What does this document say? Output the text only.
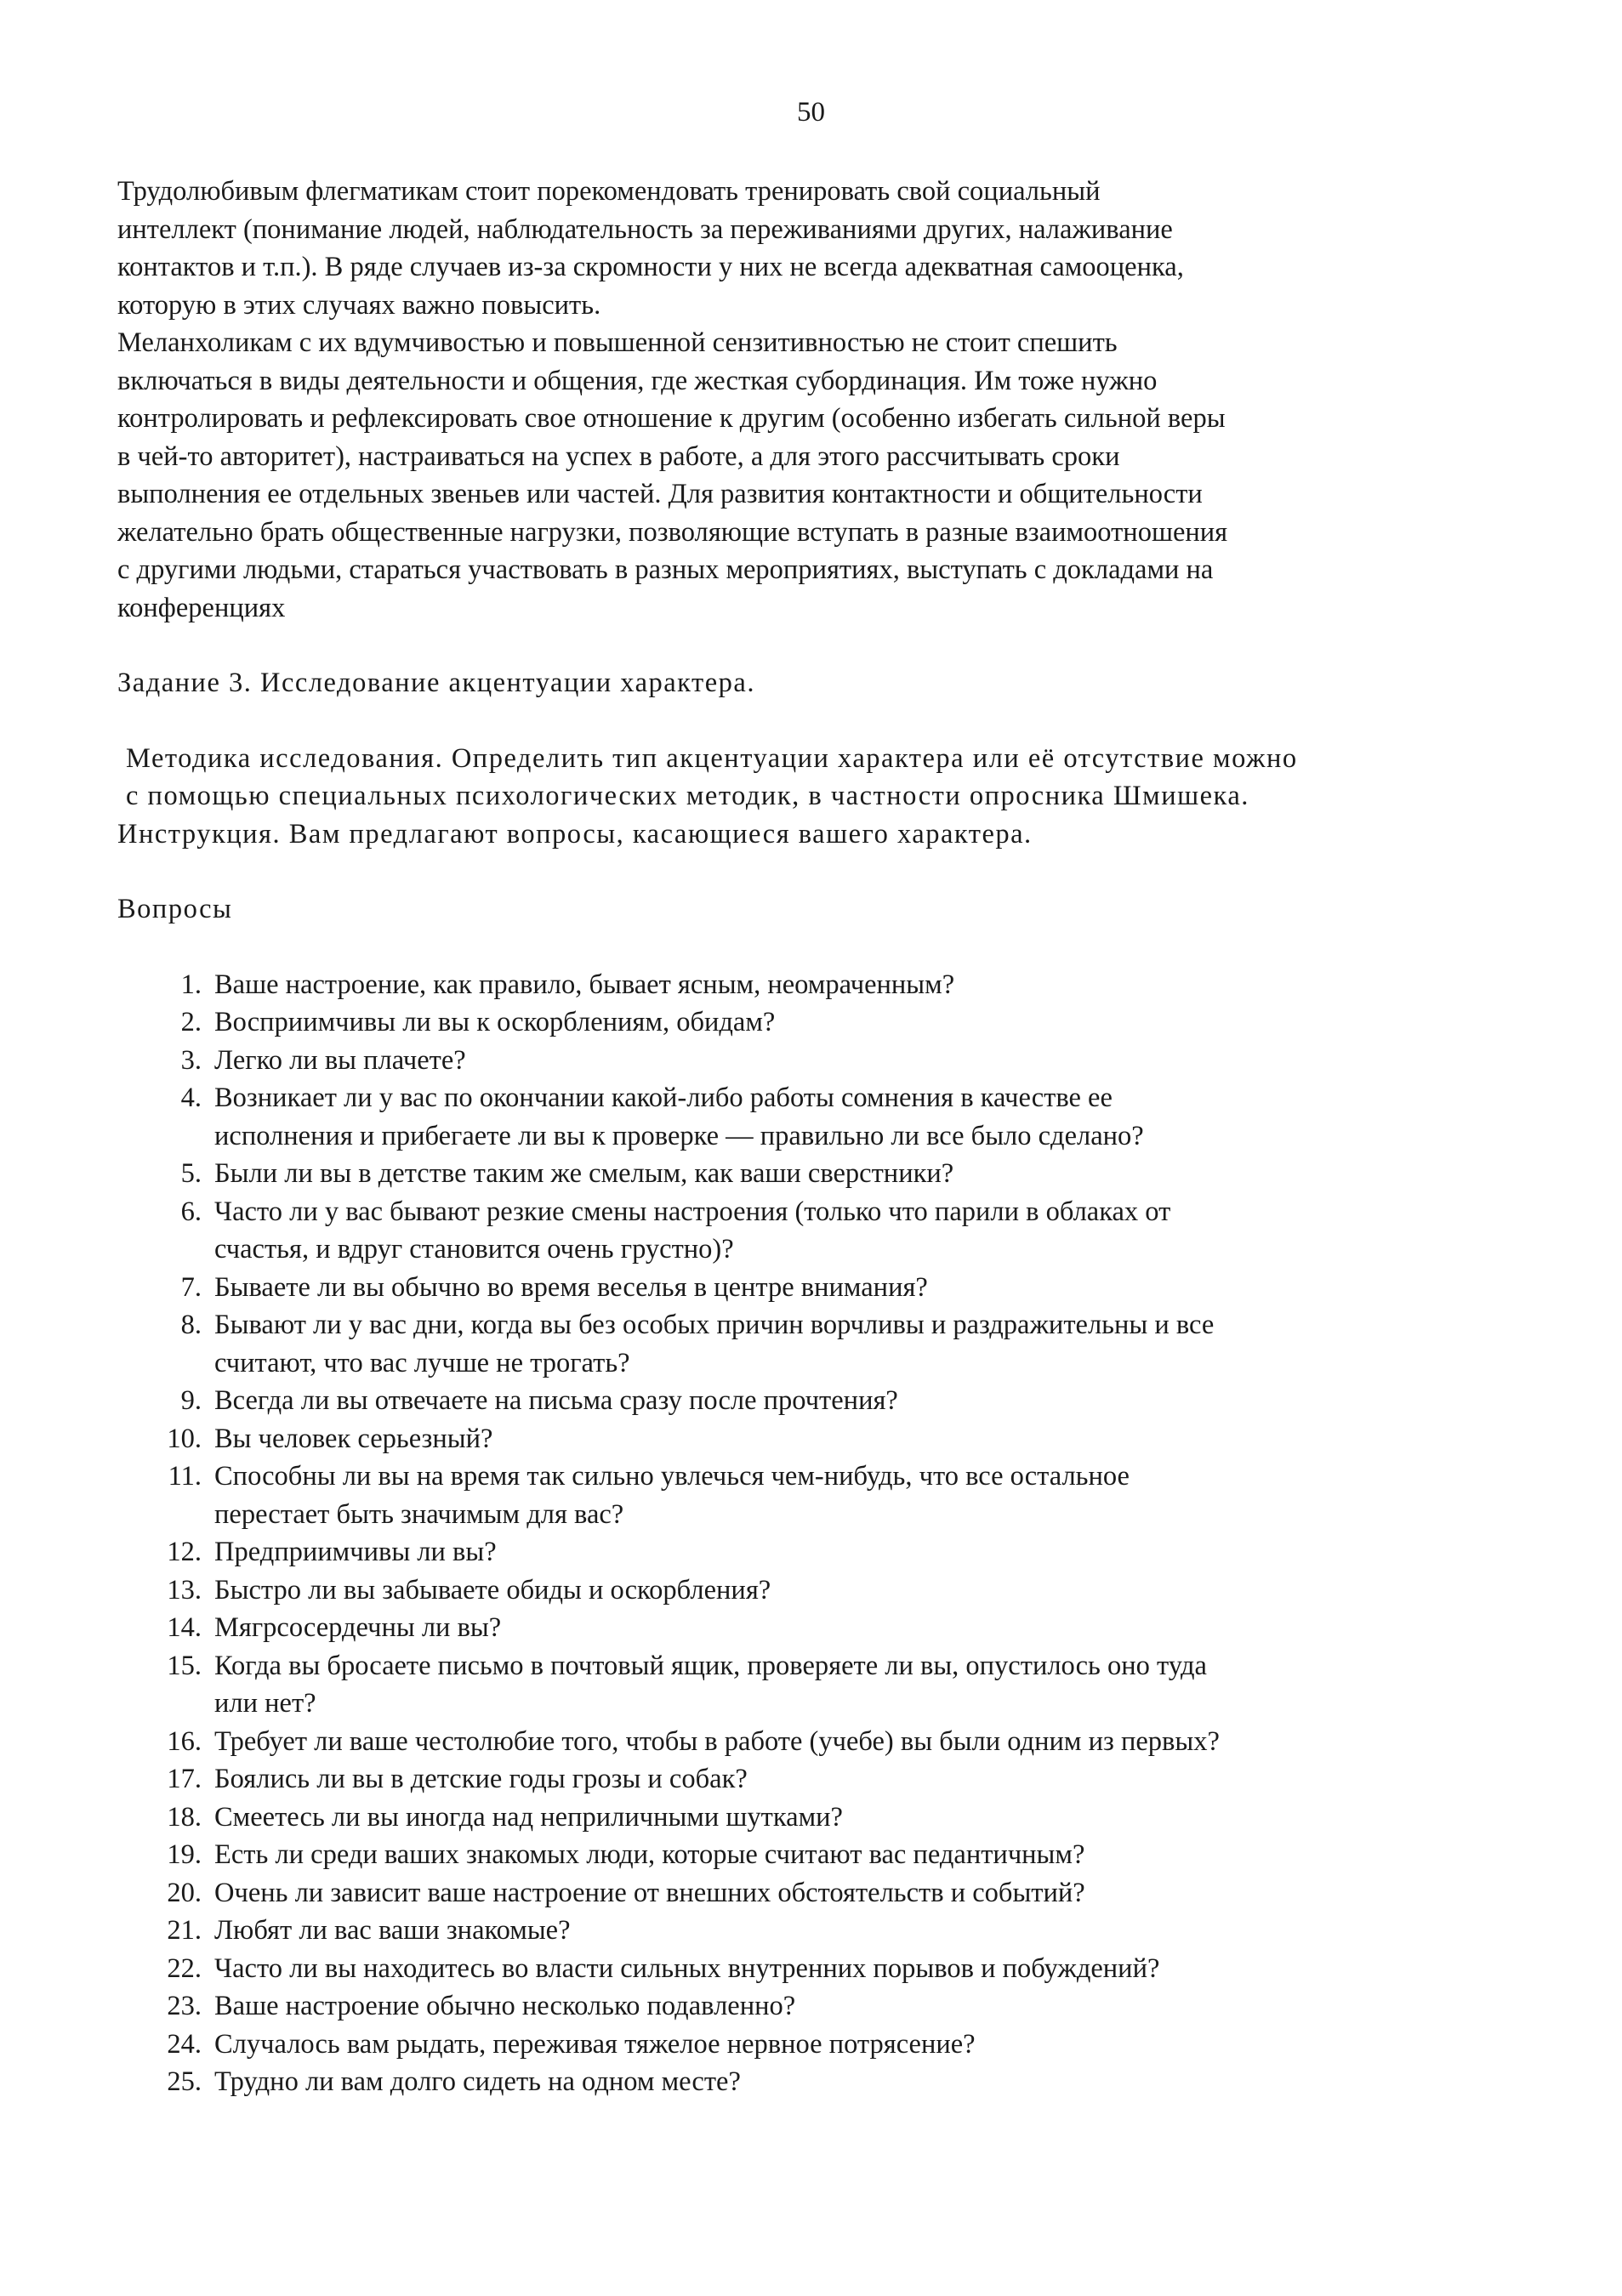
50

Трудолюбивым флегматикам стоит порекомендовать тренировать свой социальный
интеллект (понимание людей, наблюдательность за переживаниями других, налаживание
контактов и т.п.). В ряде случаев из-за скромности у них не всегда адекватная самооценка,
которую в этих случаях важно повысить.

Меланхоликам с их вдумчивостью и повышенной сензитивностью не стоит спешить
включаться в виды деятельности и общения, где жесткая субординация. Им тоже нужно
контролировать и рефлексировать свое отношение к другим (особенно избегать сильной веры
в чей-то авторитет), настраиваться на успех в работе, а для этого рассчитывать сроки
выполнения ее отдельных звеньев или частей. Для развития контактности и общительности
желательно брать общественные нагрузки, позволяющие вступать в разные взаимоотношения
с другими людьми, стараться участвовать в разных мероприятиях, выступать с докладами на
конференциях

Задание 3. Исследование акцентуации характера.

Методика исследования. Определить тип акцентуации характера или её отсутствие можно
с помощью специальных психологических методик, в частности опросника Шмишека.

Инструкция. Вам предлагают вопросы, касающиеся вашего характера.

Вопросы

1. Ваше настроение, как правило, бывает ясным, неомраченным?
2. Восприимчивы ли вы к оскорблениям, обидам?
3. Легко ли вы плачете?
4. Возникает ли у вас по окончании какой-либо работы сомнения в качестве ее
исполнения и прибегаете ли вы к проверке — правильно ли все было сделано?
5. Были ли вы в детстве таким же смелым, как ваши сверстники?
6. Часто ли у вас бывают резкие смены настроения (только что парили в облаках от
счастья, и вдруг становится очень грустно)?
7. Бываете ли вы обычно во время веселья в центре внимания?
8. Бывают ли у вас дни, когда вы без особых причин ворчливы и раздражительны и все
считают, что вас лучше не трогать?
9. Всегда ли вы отвечаете на письма сразу после прочтения?
10. Вы человек серьезный?
11. Способны ли вы на время так сильно увлечься чем-нибудь, что все остальное
перестает быть значимым для вас?
12. Предприимчивы ли вы?
13. Быстро ли вы забываете обиды и оскорбления?
14. Мягрсосердечны ли вы?
15. Когда вы бросаете письмо в почтовый ящик, проверяете ли вы, опустилось оно туда
или нет?
16. Требует ли ваше честолюбие того, чтобы в работе (учебе) вы были одним из первых?
17. Боялись ли вы в детские годы грозы и собак?
18. Смеетесь ли вы иногда над неприличными шутками?
19. Есть ли среди ваших знакомых люди, которые считают вас педантичным?
20. Очень ли зависит ваше настроение от внешних обстоятельств и событий?
21. Любят ли вас ваши знакомые?
22. Часто ли вы находитесь во власти сильных внутренних порывов и побуждений?
23. Ваше настроение обычно несколько подавленно?
24. Случалось вам рыдать, переживая тяжелое нервное потрясение?
25. Трудно ли вам долго сидеть на одном месте?
